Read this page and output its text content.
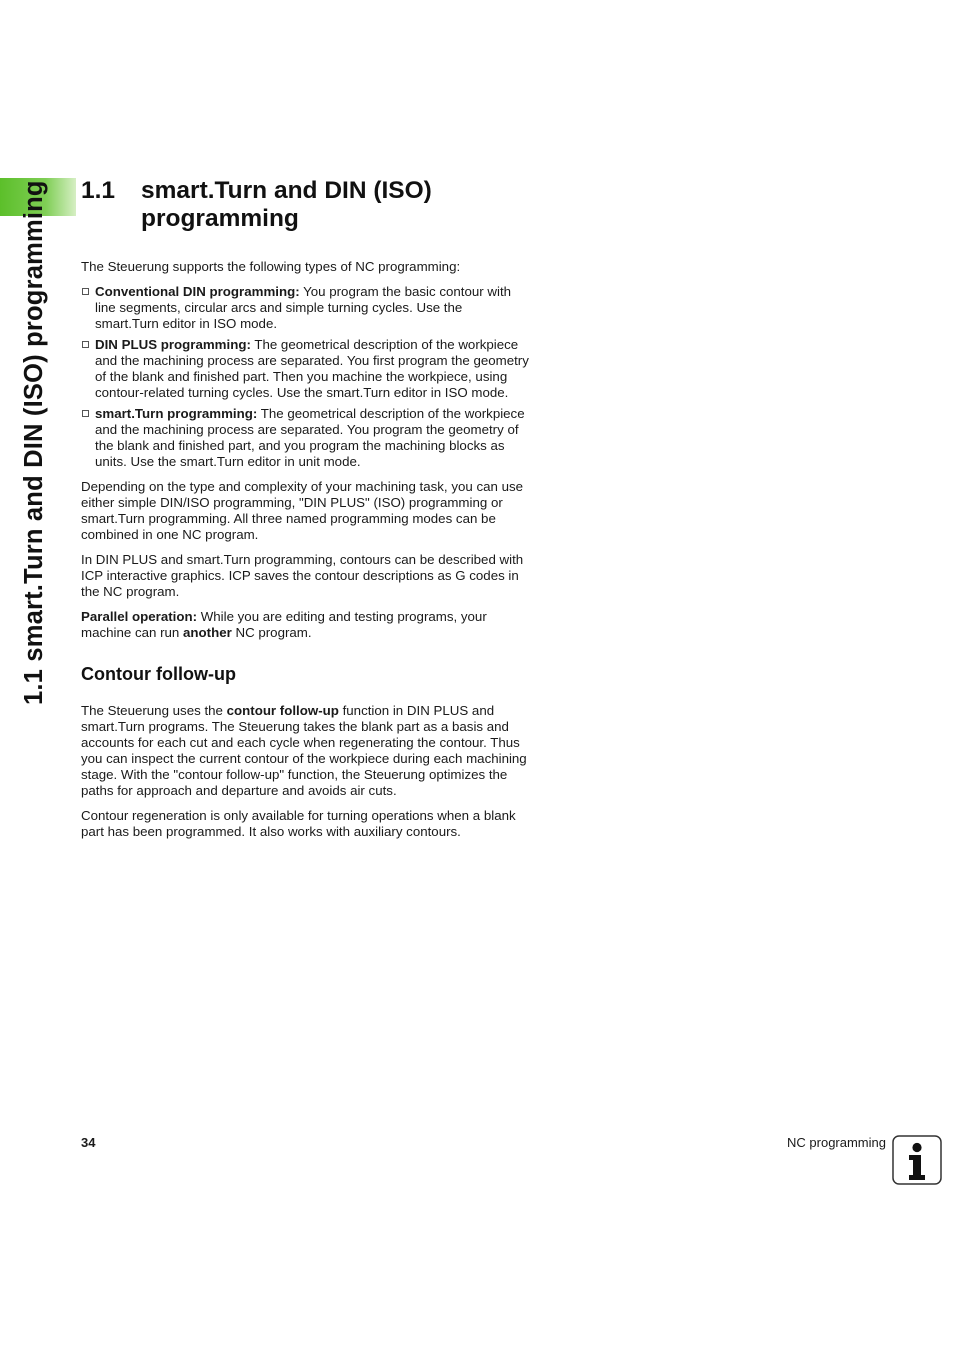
1.1 smart.Turn and DIN (ISO) programming 1.1 smart.Turn and DIN (ISO) programming

The Steuerung supports the following types of NC programming:

Conventional DIN programming: You program the basic contour with line segments, circular arcs and simple turning cycles. Use the smart.Turn editor in ISO mode.
DIN PLUS programming: The geometrical description of the workpiece and the machining process are separated. You first program the geometry of the blank and finished part. Then you machine the workpiece, using contour-related turning cycles. Use the smart.Turn editor in ISO mode.
smart.Turn programming: The geometrical description of the workpiece and the machining process are separated. You program the geometry of the blank and finished part, and you program the machining blocks as units. Use the smart.Turn editor in unit mode.

Depending on the type and complexity of your machining task, you can use either simple DIN/ISO programming, "DIN PLUS" (ISO) programming or smart.Turn programming. All three named programming modes can be combined in one NC program.

In DIN PLUS and smart.Turn programming, contours can be described with ICP interactive graphics. ICP saves the contour descriptions as G codes in the NC program.

Parallel operation: While you are editing and testing programs, your machine can run another NC program.

Contour follow-up

The Steuerung uses the contour follow-up function in DIN PLUS and smart.Turn programs. The Steuerung takes the blank part as a basis and accounts for each cut and each cycle when regenerating the contour. Thus you can inspect the current contour of the workpiece during each machining stage. With the "contour follow-up" function, the Steuerung optimizes the paths for approach and departure and avoids air cuts.

Contour regeneration is only available for turning operations when a blank part has been programmed. It also works with auxiliary contours.

34	NC programming
